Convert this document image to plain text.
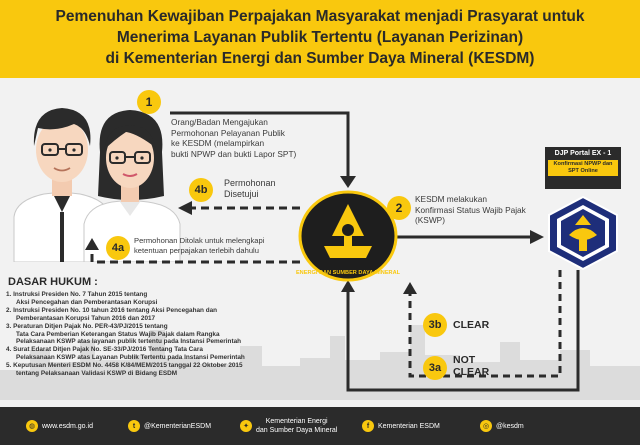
Pemenuhan Kewajiban Perpajakan Masyarakat menjadi Prasyarat untuk
Menerima Layanan Publik Tertentu (Layanan Perizinan)
di Kementerian Energi dan Sumber Daya Mineral (KESDM)
ENERGI DAN SUMBER DAYA MINERAL
DJP Portal EX - 1
Konfirmasi NPWP dan
SPT Online
1
Orang/Badan Mengajukan
Permohonan Pelayanan Publik
ke KESDM (melampirkan
bukti NPWP dan bukti Lapor SPT)
4b
Permohonan
Disetujui
4a
Permohonan Ditolak untuk melengkapi
ketentuan perpajakan terlebih dahulu
2
KESDM melakukan
Konfirmasi Status Wajib Pajak
(KSWP)
3b	CLEAR
3a
NOT
CLEAR
DASAR HUKUM :
1. Instruksi Presiden No. 7 Tahun 2015 tentang
Aksi Pencegahan dan Pemberantasan Korupsi
2. Instruksi Presiden No. 10 tahun 2016 tentang Aksi Pencegahan dan
Pemberantasan Korupsi Tahun 2016 dan 2017
3. Peraturan Ditjen Pajak No. PER-43/PJ/2015 tentang
Tata Cara Pemberian Keterangan Status Wajib Pajak dalam Rangka
Pelaksanaan KSWP atas layanan publik tertentu pada Instansi Pemerintah
4. Surat Edarat Ditjen Pajak No. SE-33/PJ/2016 Tentang Tata Cara
Pelaksanaan KSWP atas Layanan Publik Tertentu pada Instansi Pemerintah
5. Keputusan Menteri ESDM No. 4458 K/84/MEM/2015 tanggal 22 Oktober 2015
tentang Pelaksanaan Validasi KSWP di Bidang ESDM
◍ www.esdm.go.id	t	@KementerianESDM	✦
Kementerian Energi
dan Sumber Daya Mineral
f	Kementerian ESDM	◎ @kesdm
